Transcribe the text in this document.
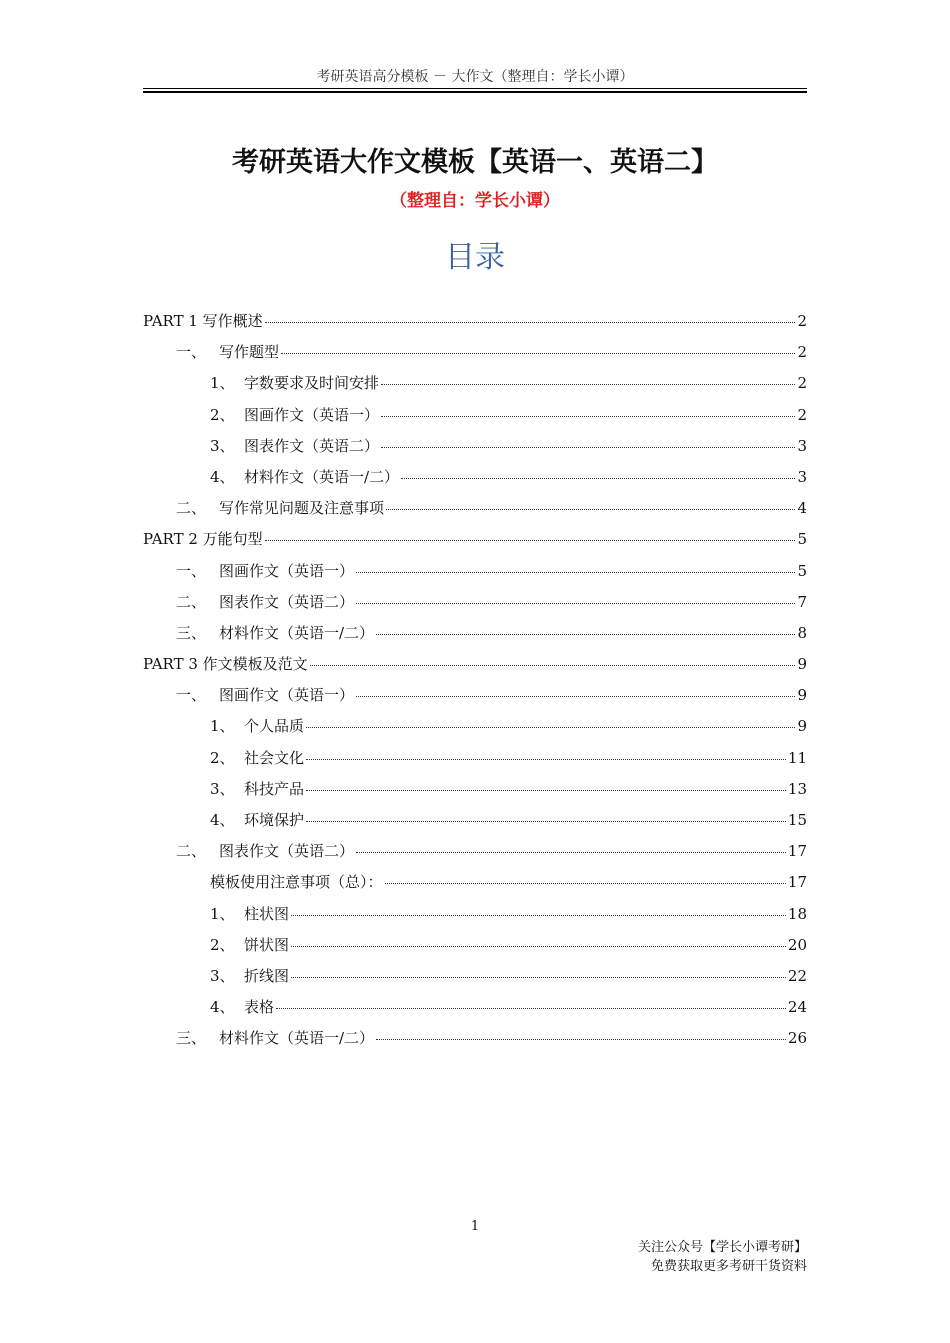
考研英语高分模板 － 大作文（整理自：学长小谭）
考研英语大作文模板【英语一、英语二】
（整理自：学长小谭）
目录
PART 1 写作概述	2
一、 写作题型	2
1、 字数要求及时间安排	2
2、 图画作文（英语一）	2
3、 图表作文（英语二）	3
4、 材料作文（英语一/二）	3
二、 写作常见问题及注意事项	4
PART 2 万能句型	5
一、 图画作文（英语一）	5
二、 图表作文（英语二）	7
三、 材料作文（英语一/二）	8
PART 3 作文模板及范文	9
一、 图画作文（英语一）	9
1、 个人品质	9
2、 社会文化	11
3、 科技产品	13
4、 环境保护	15
二、 图表作文（英语二）	17
模板使用注意事项（总）：	17
1、 柱状图	18
2、 饼状图	20
3、 折线图	22
4、 表格	24
三、 材料作文（英语一/二）	26
1
关注公众号【学长小谭考研】
免费获取更多考研干货资料
